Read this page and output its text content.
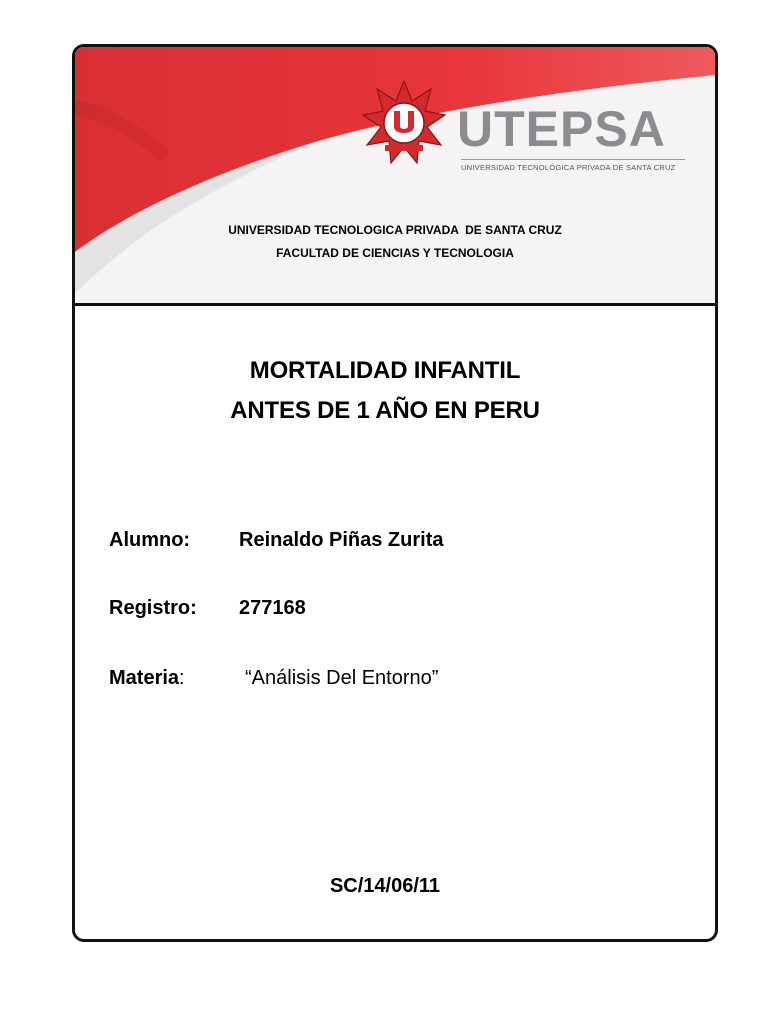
UTEPSA
UNIVERSIDAD TECNOLÓGICA PRIVADA DE SANTA CRUZ
UNIVERSIDAD TECNOLOGICA PRIVADA  DE SANTA CRUZ
FACULTAD DE CIENCIAS Y TECNOLOGIA
MORTALIDAD INFANTIL
ANTES DE 1 AÑO EN PERU
Alumno: Reinaldo Piñas Zurita
Registro: 277168
Materia:	“Análisis Del Entorno”
SC/14/06/11
